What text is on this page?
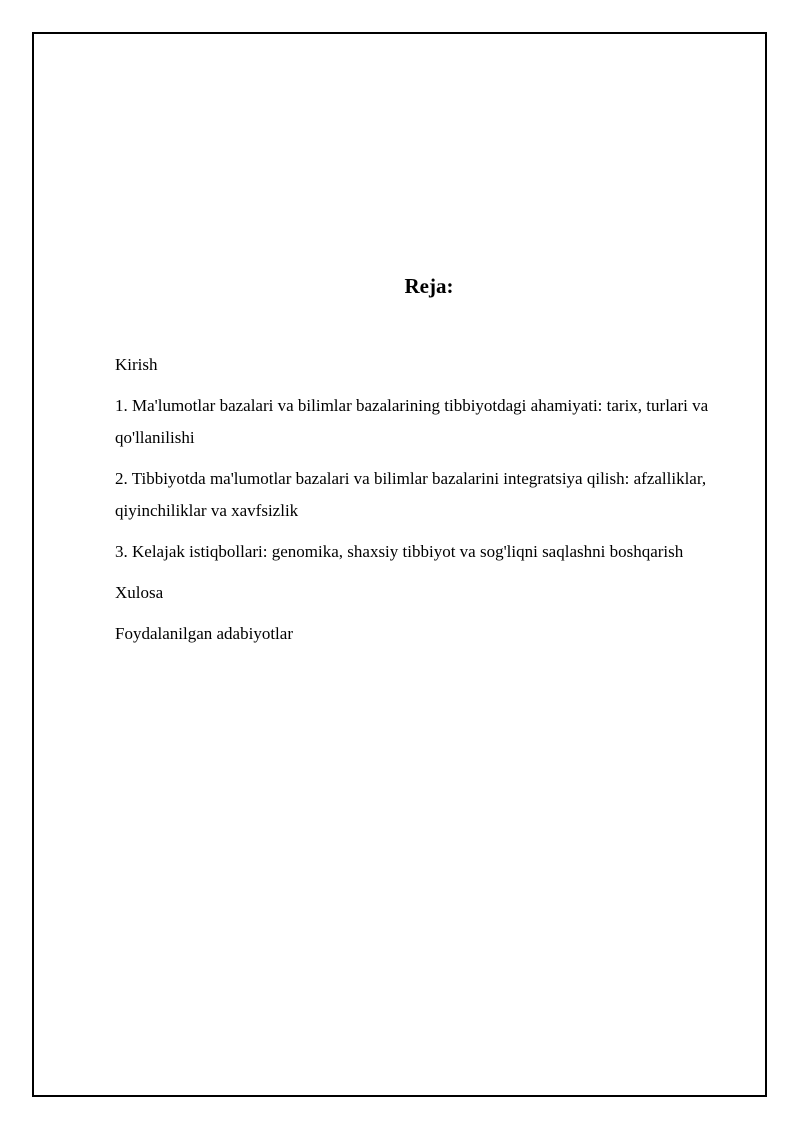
Reja:
Kirish
1. Ma'lumotlar bazalari va bilimlar bazalarining tibbiyotdagi ahamiyati: tarix, turlari va qo'llanilishi
2. Tibbiyotda ma'lumotlar bazalari va bilimlar bazalarini integratsiya qilish: afzalliklar, qiyinchiliklar va xavfsizlik
3. Kelajak istiqbollari: genomika, shaxsiy tibbiyot va sog'liqni saqlashni boshqarish
Xulosa
Foydalanilgan adabiyotlar
